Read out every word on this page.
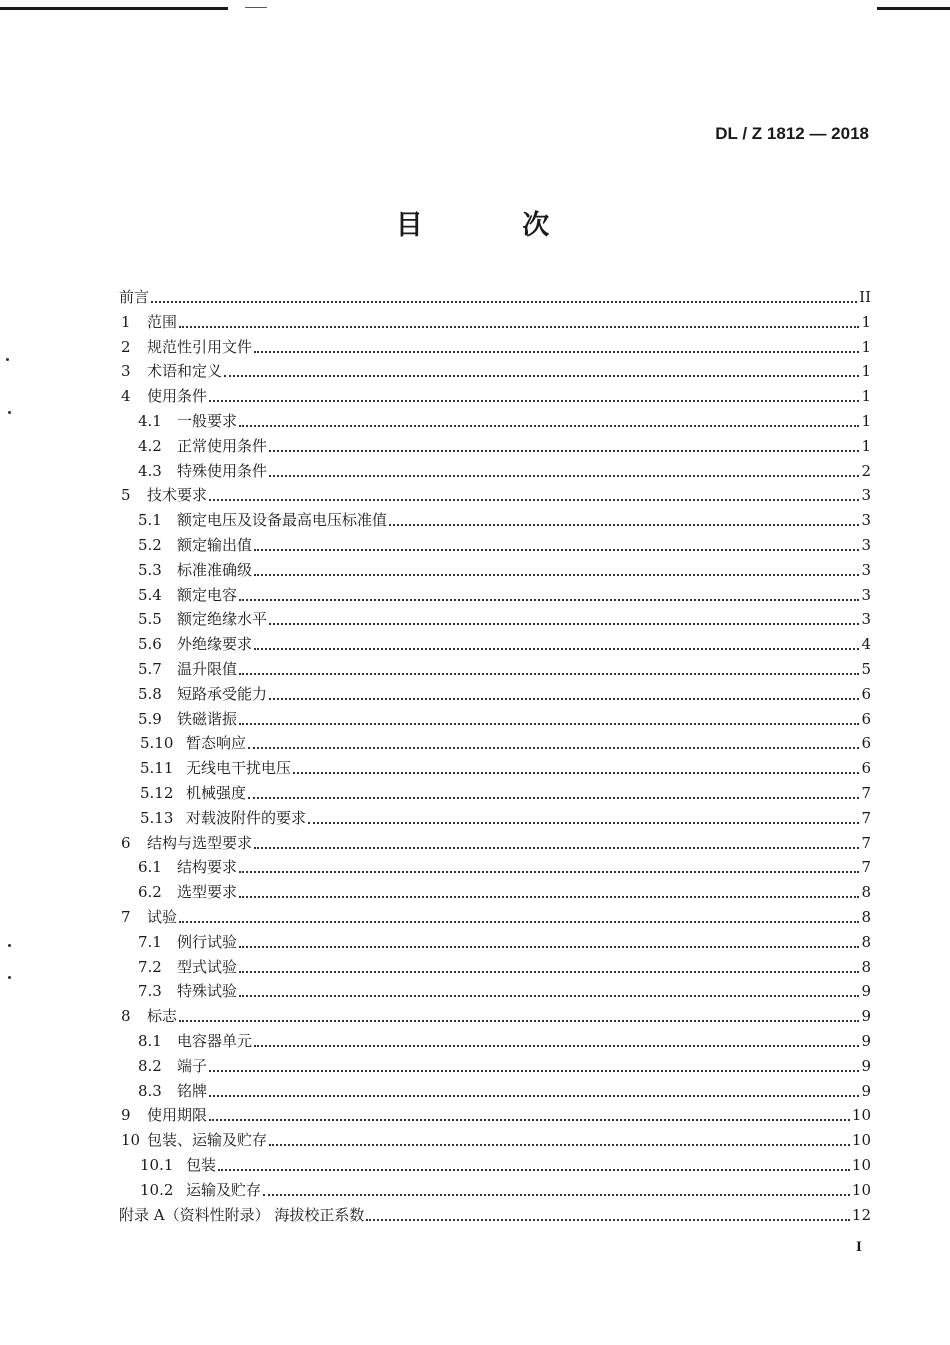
DL / Z 1812 — 2018
目 次
前言	II
1	范围	1
2	规范性引用文件	1
3	术语和定义	1
4	使用条件	1
4.1	一般要求	1
4.2	正常使用条件	1
4.3	特殊使用条件	2
5	技术要求	3
5.1	额定电压及设备最高电压标准值	3
5.2	额定输出值	3
5.3	标准准确级	3
5.4	额定电容	3
5.5	额定绝缘水平	3
5.6	外绝缘要求	4
5.7	温升限值	5
5.8	短路承受能力	6
5.9	铁磁谐振	6
5.10 暂态响应	6
5.11 无线电干扰电压	6
5.12 机械强度	7
5.13 对载波附件的要求	7
6	结构与选型要求	7
6.1	结构要求	7
6.2	选型要求	8
7	试验	8
7.1	例行试验	8
7.2	型式试验	8
7.3	特殊试验	9
8	标志	9
8.1	电容器单元	9
8.2	端子	9
8.3	铭牌	9
9	使用期限	10
10 包装、运输及贮存	10
10.1 包装	10
10.2 运输及贮存	10
附录 A（资料性附录） 海拔校正系数	12
I
